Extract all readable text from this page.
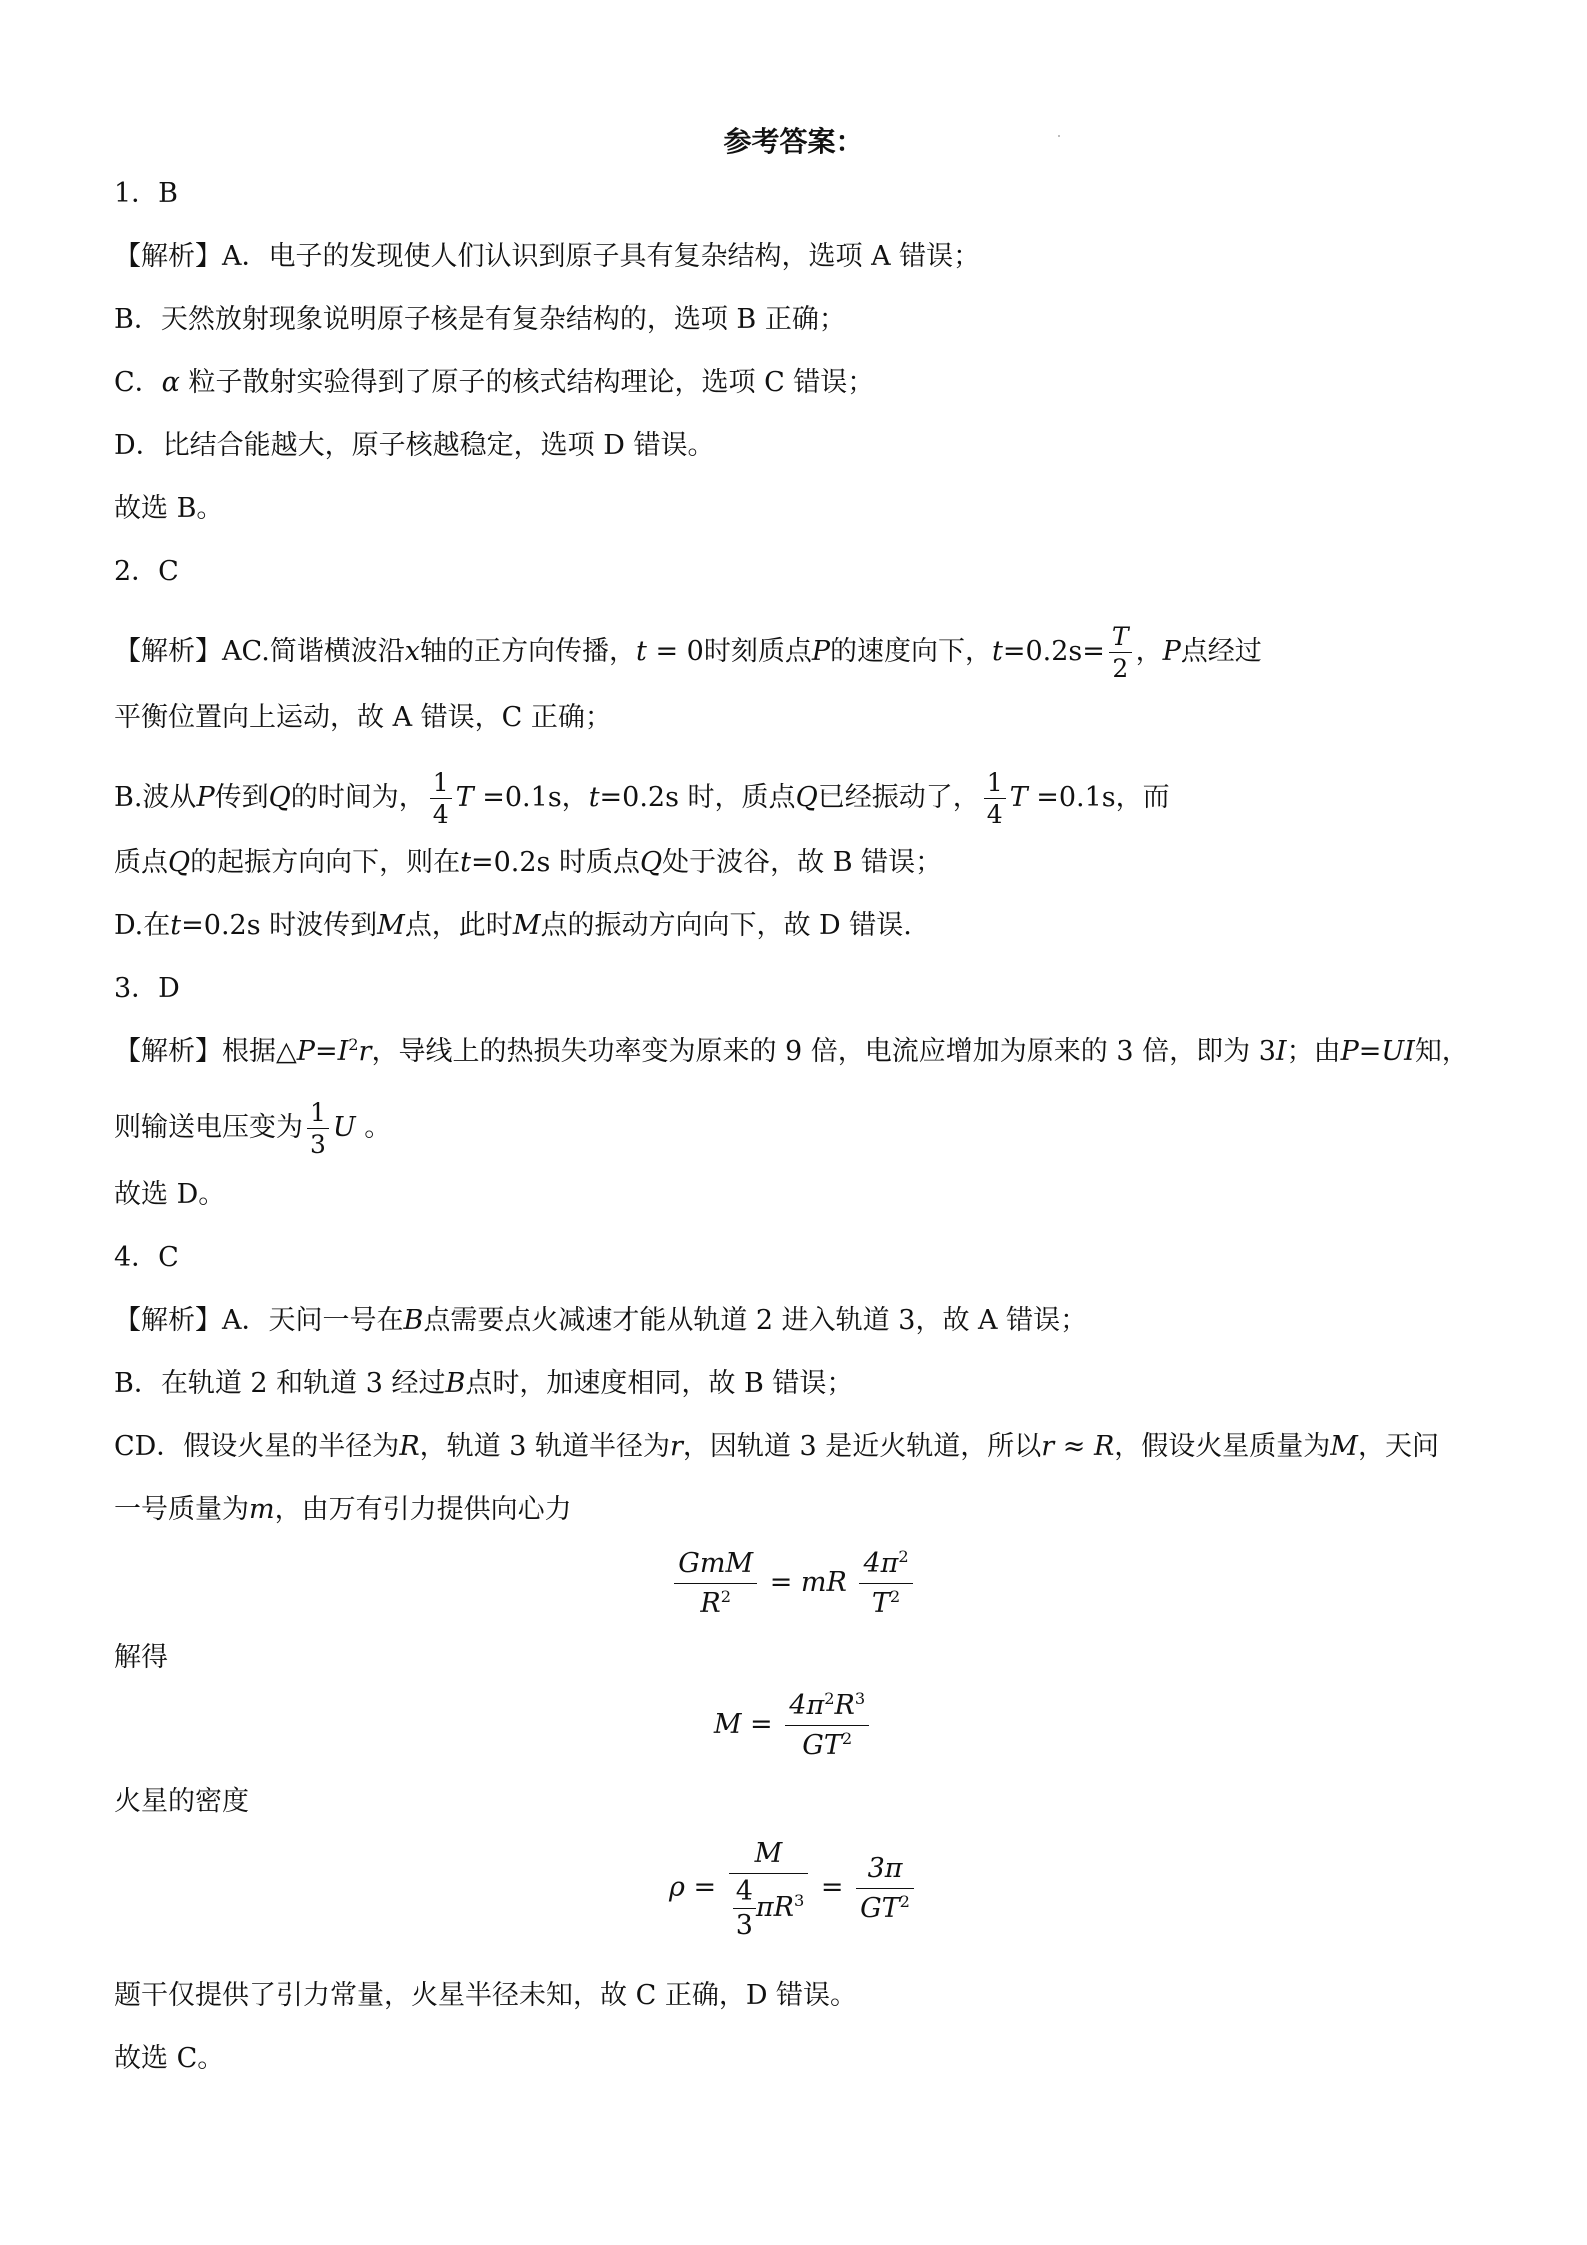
参考答案：
1．B
【解析】A．电子的发现使人们认识到原子具有复杂结构，选项 A 错误；
B．天然放射现象说明原子核是有复杂结构的，选项 B 正确；
C．α 粒子散射实验得到了原子的核式结构理论，选项 C 错误；
D．比结合能越大，原子核越稳定，选项 D 错误。
故选 B。
2．C
【解析】AC.简谐横波沿x轴的正方向传播，t = 0时刻质点P的速度向下，$t=0.2s= \frac{T}{2}$ ，P点经过
平衡位置向上运动，故 A 错误，C 正确；
B.波从P传到Q的时间为， $\frac{1}{4}$ T =0.1s，t=0.2s 时，质点Q已经振动了， $\frac{1}{4}$ T =0.1s，而
质点Q的起振方向向下，则在t=0.2s 时质点Q处于波谷，故 B 错误；
D.在t=0.2s 时波传到M点，此时M点的振动方向向下，故 D 错误.
3．D
【解析】根据$\triangle P=I^2r$，导线上的热损失功率变为原来的 9 倍，电流应增加为原来的 3 倍，即为 3I；由P=UI知，
则输送电压变为 $\frac{1}{3}$ U 。
故选 D。
4．C
【解析】A．天问一号在B点需要点火减速才能从轨道 2 进入轨道 3，故 A 错误；
B．在轨道 2 和轨道 3 经过B点时，加速度相同，故 B 错误；
CD．假设火星的半径为R，轨道 3 轨道半径为r，因轨道 3 是近火轨道，所以r ≈ R，假设火星质量为M，天问
一号质量为m，由万有引力提供向心力
$\frac{\text{GmM}}{R^2}$ = mR $\frac{4\pi^2}{T^2}$
解得
$M = \frac{4\pi^2R^3}{GT^2}$
火星的密度
$\rho = \frac{M}{\frac{4}{3} \pi R^3} = \frac{3\pi}{GT^2}$
题干仅提供了引力常量，火星半径未知，故 C 正确，D 错误。
故选 C。
